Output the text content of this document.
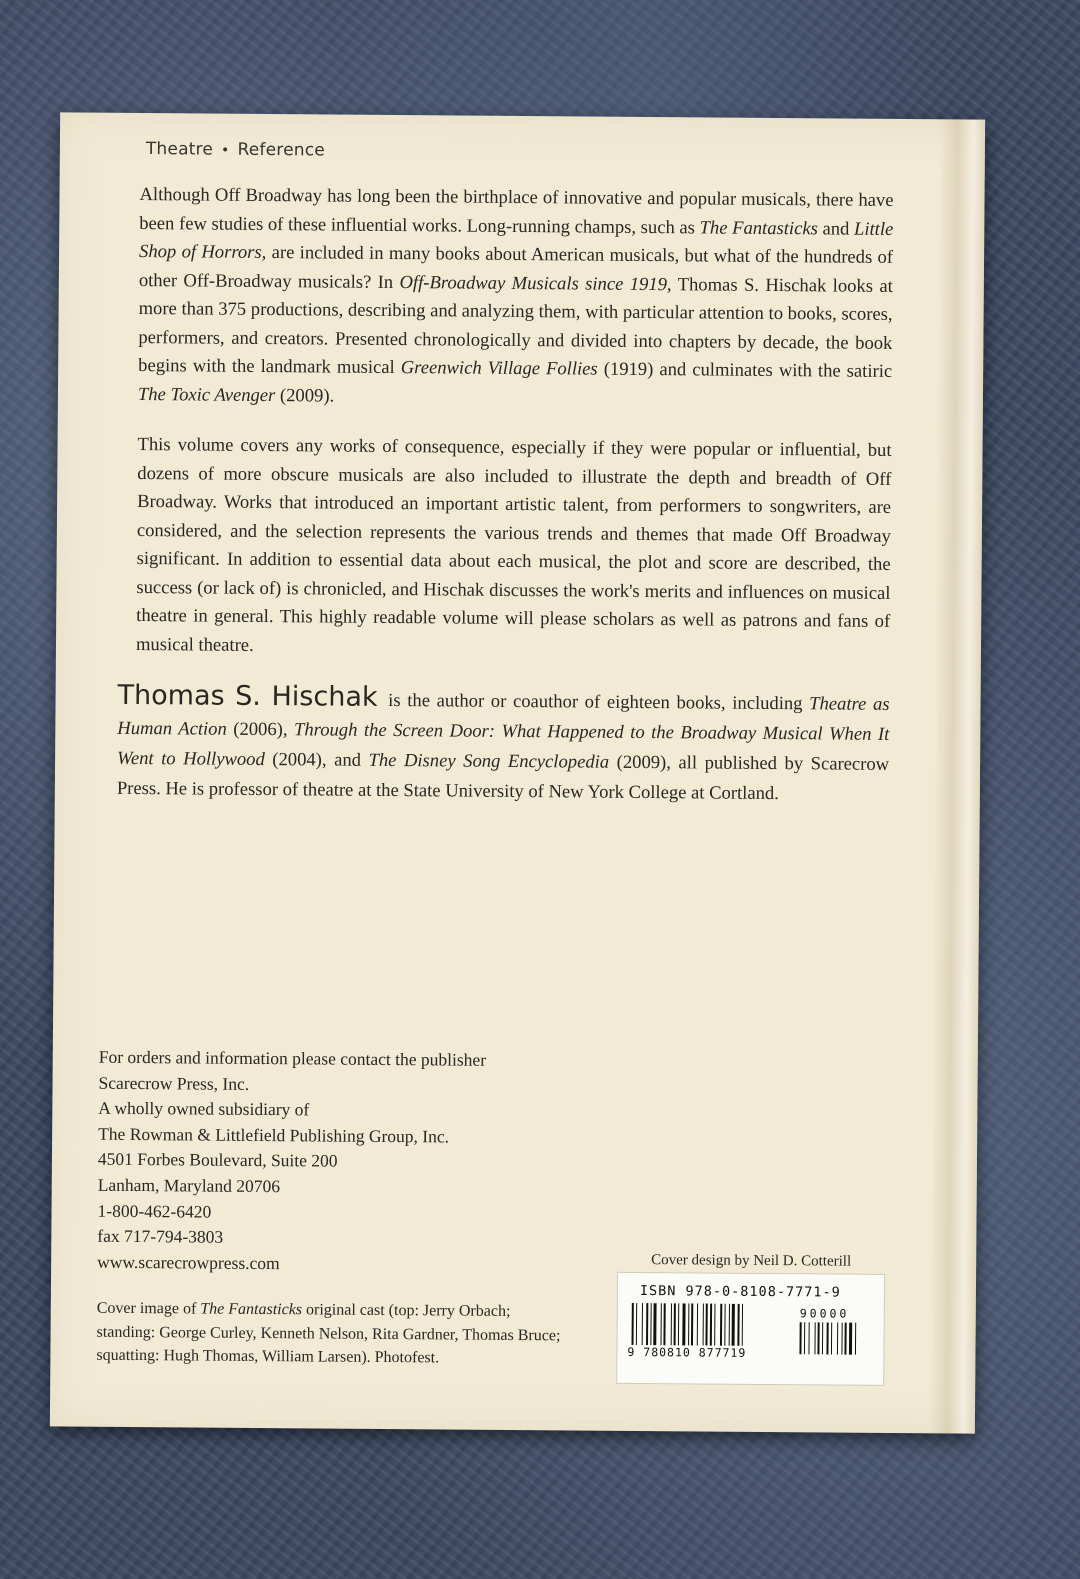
Theatre • Reference

Although Off Broadway has long been the birthplace of innovative and popular musicals, there have been few studies of these influential works. Long-running champs, such as The Fantasticks and Little Shop of Horrors, are included in many books about American musicals, but what of the hundreds of other Off-Broadway musicals? In Off-Broadway Musicals since 1919, Thomas S. Hischak looks at more than 375 productions, describing and analyzing them, with particular attention to books, scores, performers, and creators. Presented chronologically and divided into chapters by decade, the book begins with the landmark musical Greenwich Village Follies (1919) and culminates with the satiric The Toxic Avenger (2009).

This volume covers any works of consequence, especially if they were popular or influential, but dozens of more obscure musicals are also included to illustrate the depth and breadth of Off Broadway. Works that introduced an important artistic talent, from performers to songwriters, are considered, and the selection represents the various trends and themes that made Off Broadway significant. In addition to essential data about each musical, the plot and score are described, the success (or lack of) is chronicled, and Hischak discusses the work's merits and influences on musical theatre in general. This highly readable volume will please scholars as well as patrons and fans of musical theatre.

Thomas S. Hischak is the author or coauthor of eighteen books, including Theatre as Human Action (2006), Through the Screen Door: What Happened to the Broadway Musical When It Went to Hollywood (2004), and The Disney Song Encyclopedia (2009), all published by Scarecrow Press. He is professor of theatre at the State University of New York College at Cortland.

For orders and information please contact the publisher
Scarecrow Press, Inc.
A wholly owned subsidiary of
The Rowman & Littlefield Publishing Group, Inc.
4501 Forbes Boulevard, Suite 200
Lanham, Maryland 20706
1-800-462-6420
fax 717-794-3803
www.scarecrowpress.com
Cover image of The Fantasticks original cast (top: Jerry Orbach; standing: George Curley, Kenneth Nelson, Rita Gardner, Thomas Bruce; squatting: Hugh Thomas, William Larsen). Photofest.
Cover design by Neil D. Cotterill
ISBN 978-0-8108-7771-9
90000
9 780810 877719
